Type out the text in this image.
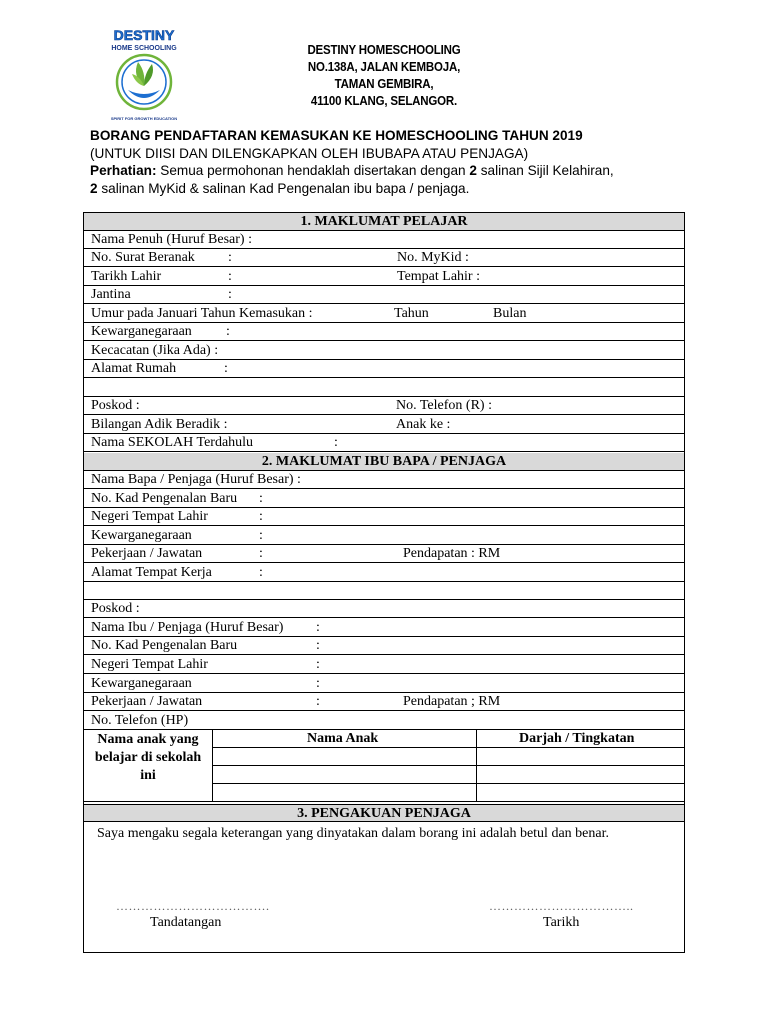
DESTINY
HOME SCHOOLING
SPIRIT FOR GROWTH EDUCATION
DESTINY HOMESCHOOLING
NO.138A, JALAN KEMBOJA,
TAMAN GEMBIRA,
41100 KLANG, SELANGOR.
BORANG PENDAFTARAN KEMASUKAN KE HOMESCHOOLING TAHUN 2019
(UNTUK DIISI DAN DILENGKAPKAN OLEH IBUBAPA ATAU PENJAGA)
Perhatian: Semua permohonan hendaklah disertakan dengan 2 salinan Sijil Kelahiran,
2 salinan MyKid & salinan Kad Pengenalan ibu bapa / penjaga.
1. MAKLUMAT PELAJAR
Nama Penuh (Huruf Besar) :
No. Surat Beranak :	No. MyKid :
Tarikh Lahir	:	Tempat Lahir :
Jantina	:
Umur pada Januari Tahun Kemasukan :	Tahun	Bulan
Kewarganegaraan :
Kecacatan (Jika Ada) :
Alamat Rumah	:
Poskod :	No. Telefon (R) :
Bilangan Adik Beradik :	Anak ke :
Nama SEKOLAH Terdahulu	:
2. MAKLUMAT IBU BAPA / PENJAGA
Nama Bapa / Penjaga (Huruf Besar) :
No. Kad Pengenalan Baru :
Negeri Tempat Lahir	:
Kewarganegaraan	:
Pekerjaan / Jawatan	:	Pendapatan : RM
Alamat Tempat Kerja	:
Poskod :
Nama Ibu / Penjaga (Huruf Besar) :
No. Kad Pengenalan Baru	:
Negeri Tempat Lahir	:
Kewarganegaraan	:
Pekerjaan / Jawatan	:	Pendapatan ; RM
No. Telefon (HP)
Nama anak yang
belajar di sekolah
ini
Nama Anak	Darjah / Tingkatan
3. PENGAKUAN PENJAGA
Saya mengaku segala keterangan yang dinyatakan dalam borang ini adalah betul dan benar.
……………………………….	……………………………..
Tandatangan	Tarikh
